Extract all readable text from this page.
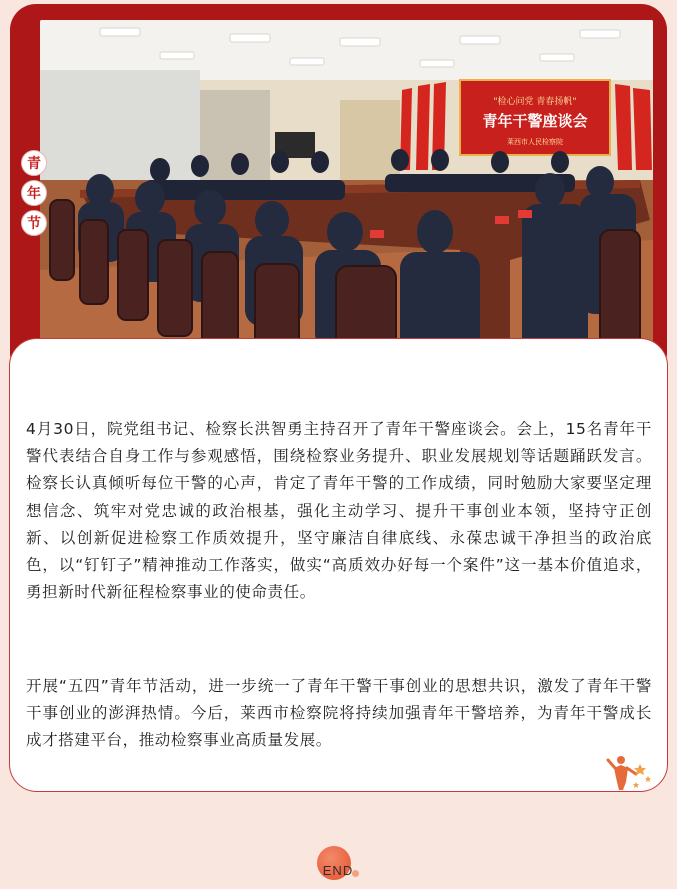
"检心问党 青春扬帆"
青年干警座谈会
莱西市人民检察院
青
年
节

4月30日，院党组书记、检察长洪智勇主持召开了青年干警座谈会。会上，15名青年干警代表结合自身工作与参观感悟，围绕检察业务提升、职业发展规划等话题踊跃发言。检察长认真倾听每位干警的心声，肯定了青年干警的工作成绩，同时勉励大家要坚定理想信念、筑牢对党忠诚的政治根基，强化主动学习、提升干事创业本领，坚持守正创新、以创新促进检察工作质效提升，坚守廉洁自律底线、永葆忠诚干净担当的政治底色，以“钉钉子”精神推动工作落实，做实“高质效办好每一个案件”这一基本价值追求，勇担新时代新征程检察事业的使命责任。

开展“五四”青年节活动，进一步统一了青年干警干事创业的思想共识，激发了青年干警干事创业的澎湃热情。今后，莱西市检察院将持续加强青年干警培养，为青年干警成长成才搭建平台，推动检察事业高质量发展。

END
